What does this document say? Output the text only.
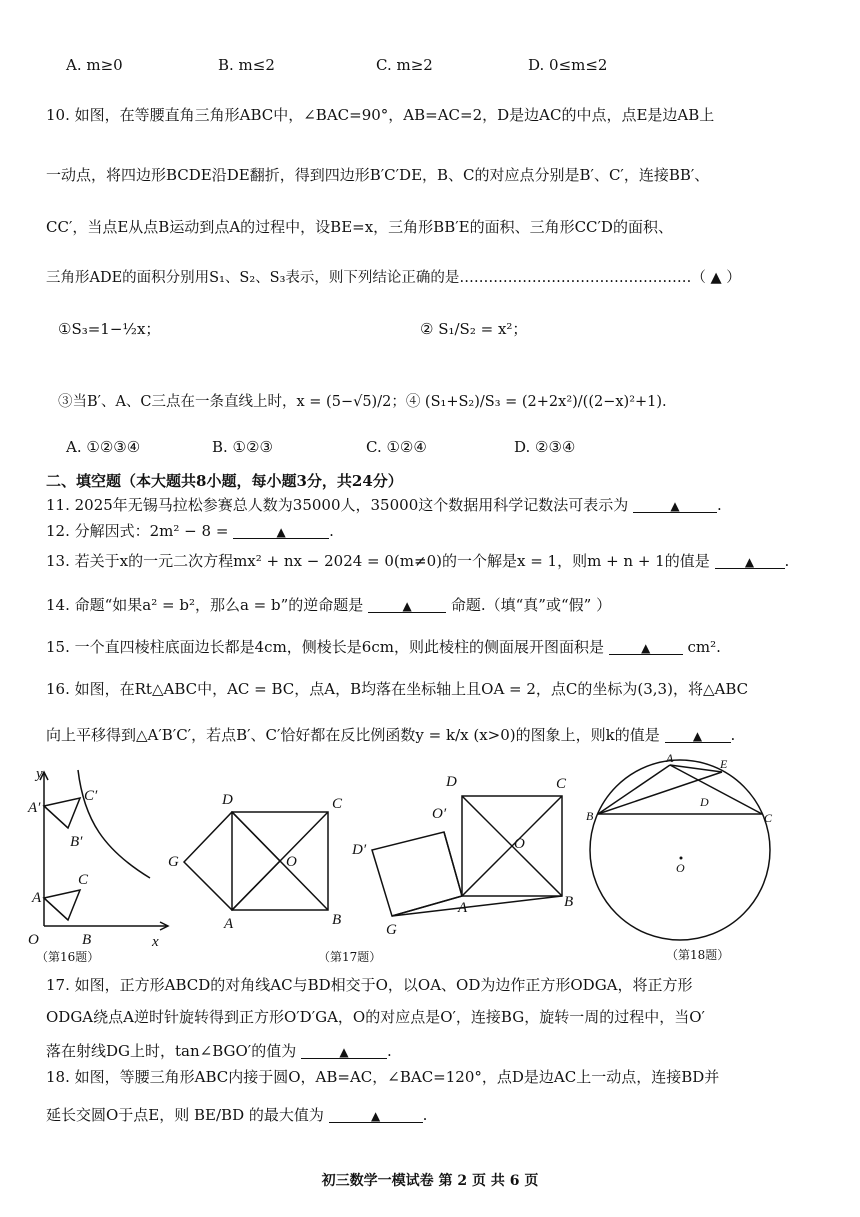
A. m≥0	B. m≤2	C. m≥2	D. 0≤m≤2
10. 如图，在等腰直角三角形ABC中，∠BAC=90°，AB=AC=2，D是边AC的中点，点E是边AB上
一动点，将四边形BCDE沿DE翻折，得到四边形B′C′DE，B、C的对应点分别是B′、C′，连接BB′、
CC′，当点E从点B运动到点A的过程中，设BE=x，三角形BB′E的面积、三角形CC′D的面积、
三角形ADE的面积分别用S₁、S₂、S₃表示，则下列结论正确的是…………………………………………（ ▲ ）
①S₃=1−½x；	② S₁/S₂ = x²；
③当B′、A、C三点在一条直线上时，x = (5−√5)/2；④ (S₁+S₂)/S₃ = (2+2x²)/((2−x)²+1).
A. ①②③④	B. ①②③	C. ①②④	D. ②③④
二、填空题（本大题共8小题，每小题3分，共24分）
11. 2025年无锡马拉松参赛总人数为35000人，35000这个数据用科学记数法可表示为	▲ .
12. 分解因式：2m² − 8 =	▲	.
13. 若关于x的一元二次方程mx² + nx − 2024 = 0(m≠0)的一个解是x = 1，则m + n + 1的值是	▲ .
14. 命题“如果a² = b²，那么a = b”的逆命题是	▲	命题.（填“真”或“假” ）
15. 一个直四棱柱底面边长都是4cm，侧棱长是6cm，则此棱柱的侧面展开图面积是	▲ cm².
16. 如图，在Rt△ABC中，AC = BC，点A，B均落在坐标轴上且OA = 2，点C的坐标为(3,3)，将△ABC
向上平移得到△A′B′C′，若点B′、C′恰好都在反比例函数y = k/x (x>0)的图象上，则k的值是	▲ .
y
x
O
A
B
C
A′
B′
C′	D	C
G	O
A	B
D	C
O′
D′	O
G
A	B
A	E
D
B	C
O
（第16题）	（第17题）	（第18题）
17. 如图，正方形ABCD的对角线AC与BD相交于O，以OA、OD为边作正方形ODGA，将正方形
ODGA绕点A逆时针旋转得到正方形O′D′GA，O的对应点是O′，连接BG，旋转一周的过程中，当O′
落在射线DG上时，tan∠BGO′的值为	▲	.
18. 如图，等腰三角形ABC内接于圆O，AB=AC，∠BAC=120°，点D是边AC上一动点，连接BD并
延长交圆O于点E，则 BE/BD 的最大值为	▲	.
初三数学一模试卷 第 2 页 共 6 页
